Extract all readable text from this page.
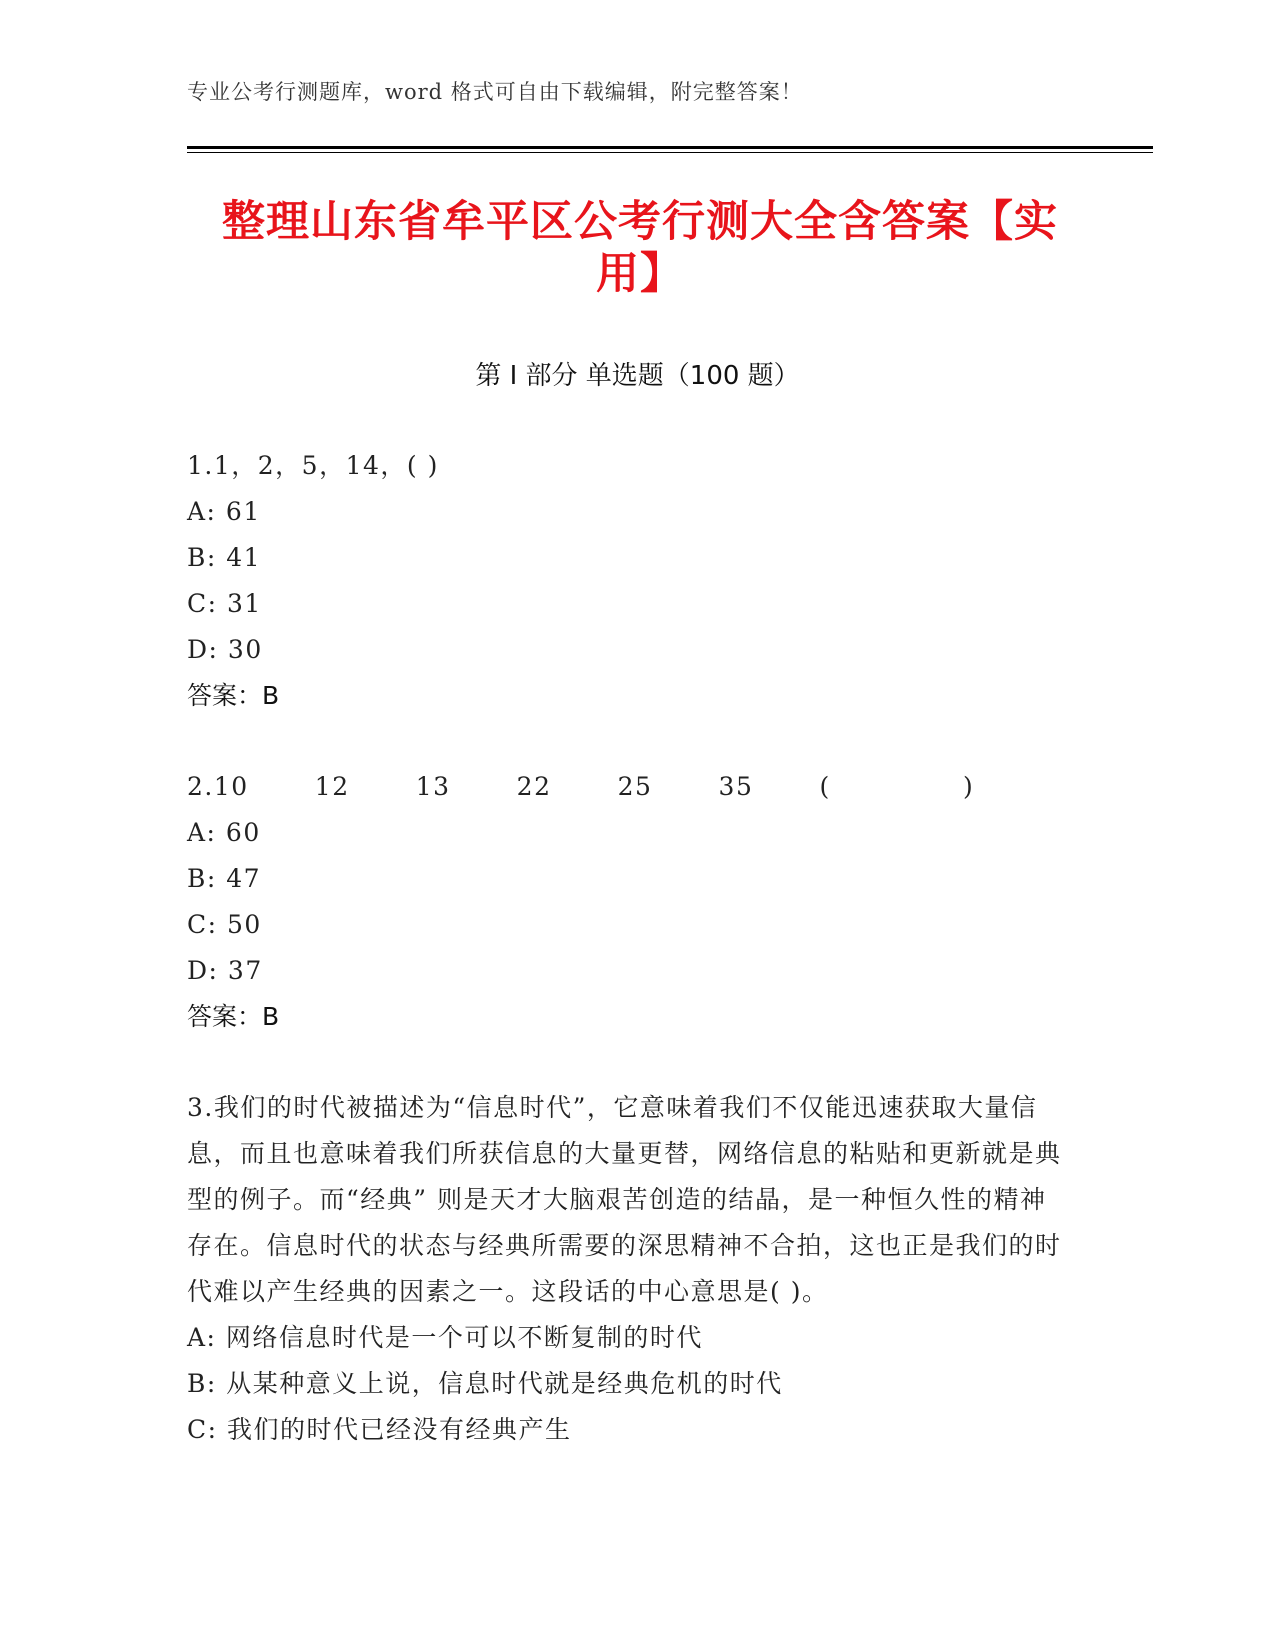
专业公考行测题库，word 格式可自由下载编辑，附完整答案！
整理山东省牟平区公考行测大全含答案【实
用】
第 I 部分 单选题（100 题）
1.1，2，5，14，( )
A: 61
B: 41
C: 31
D: 30
答案：B
2.10       12       13       22       25       35       (              )
A: 60
B: 47
C: 50
D: 37
答案：B
3.我们的时代被描述为“信息时代”，它意味着我们不仅能迅速获取大量信息，而且也意味着我们所获信息的大量更替，网络信息的粘贴和更新就是典型的例子。而“经典” 则是天才大脑艰苦创造的结晶，是一种恒久性的精神存在。信息时代的状态与经典所需要的深思精神不合拍，这也正是我们的时代难以产生经典的因素之一。这段话的中心意思是( )。
A: 网络信息时代是一个可以不断复制的时代
B: 从某种意义上说，信息时代就是经典危机的时代
C: 我们的时代已经没有经典产生
